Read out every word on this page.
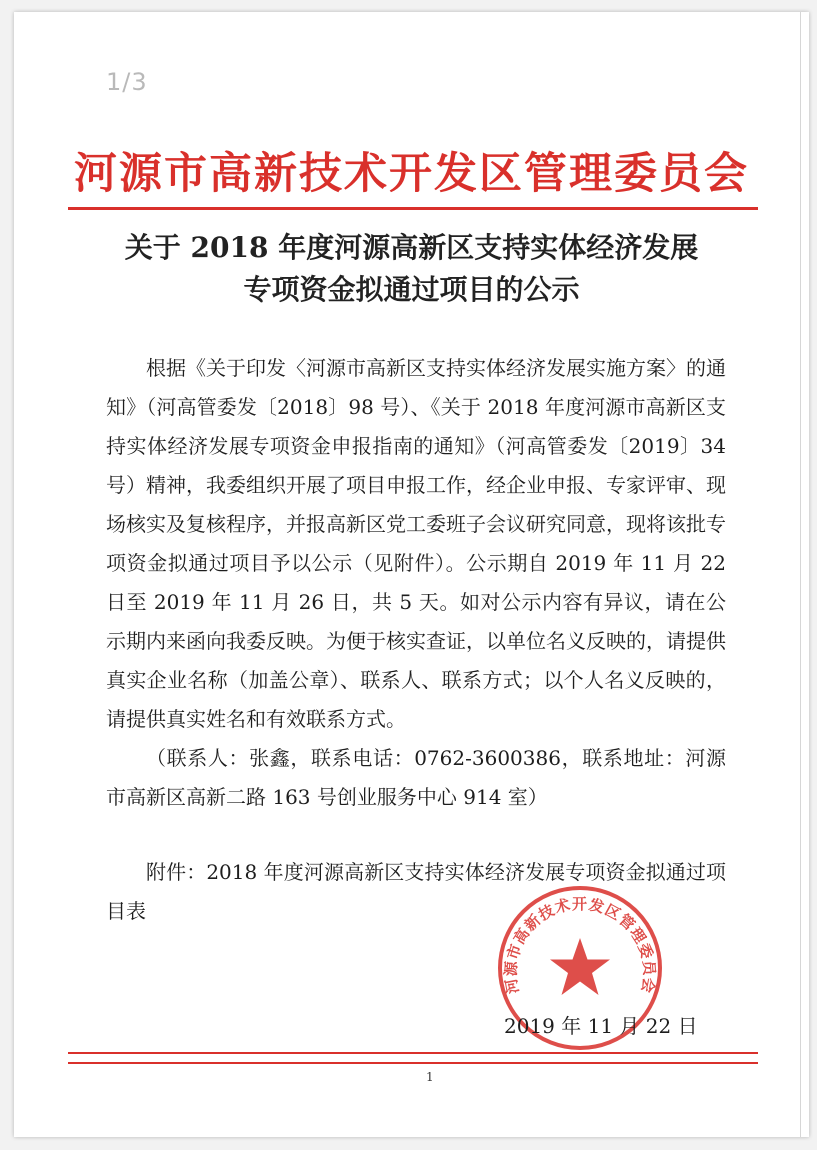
1/3
河源市高新技术开发区管理委员会
关于 2018 年度河源高新区支持实体经济发展
专项资金拟通过项目的公示

根据《关于印发〈河源市高新区支持实体经济发展实施方案〉的通知》（河高管委发〔2018〕98 号）、《关于 2018 年度河源市高新区支持实体经济发展专项资金申报指南的通知》（河高管委发〔2019〕34 号）精神，我委组织开展了项目申报工作，经企业申报、专家评审、现场核实及复核程序，并报高新区党工委班子会议研究同意，现将该批专项资金拟通过项目予以公示（见附件）。公示期自 2019 年 11 月 22 日至 2019 年 11 月 26 日，共 5 天。如对公示内容有异议，请在公示期内来函向我委反映。为便于核实查证，以单位名义反映的，请提供真实企业名称（加盖公章）、联系人、联系方式；以个人名义反映的，请提供真实姓名和有效联系方式。

（联系人：张鑫，联系电话：0762-3600386，联系地址：河源市高新区高新二路 163 号创业服务中心 914 室）

附件：2018 年度河源高新区支持实体经济发展专项资金拟通过项目表

河源市高新技术开发区管理委员会
2019 年 11 月 22 日
1
